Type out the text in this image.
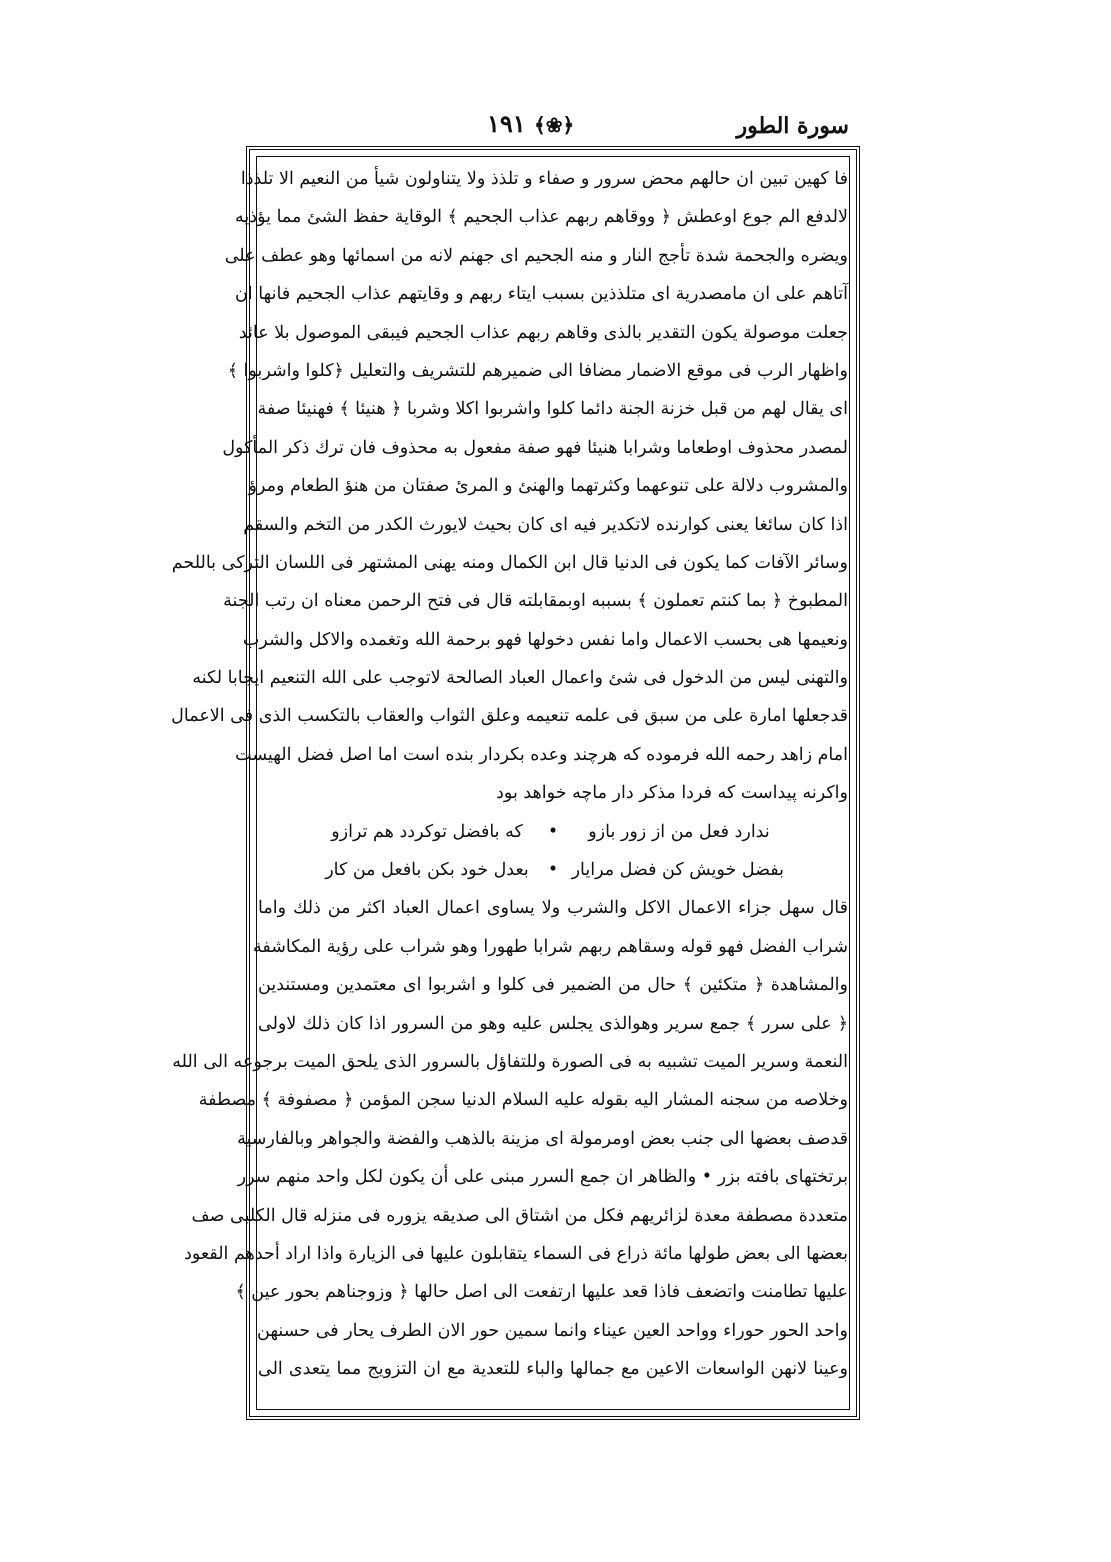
سورة الطور
﴿❀﴾ ١٩١
فا كهين تبين ان حالهم محض سرور و صفاء و تلذذ ولا يتناولون شيأ من النعيم الا تلذذا
لالدفع الم جوع اوعطش ﴿ ووقاهم ربهم عذاب الجحيم ﴾ الوقاية حفظ الشئ مما يؤذيه
ويضره والجحمة شدة تأجج النار و منه الجحيم اى جهنم لانه من اسمائها وهو عطف على
آتاهم على ان مامصدرية اى متلذذين بسبب ايتاء ربهم و وقايتهم عذاب الجحيم فانها ان
جعلت موصولة يكون التقدير بالذى وقاهم ربهم عذاب الجحيم فيبقى الموصول بلا عائد
واظهار الرب فى موقع الاضمار مضافا الى ضميرهم للتشريف والتعليل ﴿كلوا واشربوا ﴾
اى يقال لهم من قبل خزنة الجنة دائما كلوا واشربوا اكلا وشربا ﴿ هنيئا ﴾ فهنيئا صفة
لمصدر محذوف اوطعاما وشرابا هنيئا فهو صفة مفعول به محذوف فان ترك ذكر المأكول
والمشروب دلالة على تنوعهما وكثرتهما والهنئ و المرئ صفتان من هنؤ الطعام ومرؤ
اذا كان سائغا يعنى كوارنده لاتكدير فيه اى كان بحيث لايورث الكدر من التخم والسقم
وسائر الآفات كما يكون فى الدنيا قال ابن الكمال ومنه يهنى المشتهر فى اللسان التركى باللحم
المطبوخ ﴿ بما كنتم تعملون ﴾ بسببه اوبمقابلته قال فى فتح الرحمن معناه ان رتب الجنة
ونعيمها هى بحسب الاعمال واما نفس دخولها فهو برحمة الله وتغمده والاكل والشرب
والتهنى ليس من الدخول فى شئ واعمال العباد الصالحة لاتوجب على الله التنعيم ايجابا لكنه
قدجعلها امارة على من سبق فى علمه تنعيمه وعلق الثواب والعقاب بالتكسب الذى فى الاعمال
امام زاهد رحمه الله فرموده كه هرچند وعده بكردار بنده است اما اصل فضل الهيست
واكرنه پيداست كه فردا مذكر دار ماچه خواهد بود
ندارد فعل من از زور بازو
•
كه بافضل توكردد هم ترازو
بفضل خويش كن فضل مرايار
•
بعدل خود بكن بافعل من كار
قال سهل جزاء الاعمال الاكل والشرب ولا يساوى اعمال العباد اكثر من ذلك واما
شراب الفضل فهو قوله وسقاهم ربهم شرابا طهورا وهو شراب على رؤية المكاشفة
والمشاهدة ﴿ متكئين ﴾ حال من الضمير فى كلوا و اشربوا اى معتمدين ومستندين
﴿ على سرر ﴾ جمع سرير وهوالذى يجلس عليه وهو من السرور اذا كان ذلك لاولى
النعمة وسرير الميت تشبيه به فى الصورة وللتفاؤل بالسرور الذى يلحق الميت برجوعه الى الله
وخلاصه من سجنه المشار اليه بقوله عليه السلام الدنيا سجن المؤمن ﴿ مصفوفة ﴾ مصطفة
قدصف بعضها الى جنب بعض اومرمولة اى مزينة بالذهب والفضة والجواهر وبالفارسية
برتختهاى بافته بزر • والظاهر ان جمع السرر مبنى على أن يكون لكل واحد منهم سرر
متعددة مصطفة معدة لزائريهم فكل من اشتاق الى صديقه يزوره فى منزله قال الكلبى صف
بعضها الى بعض طولها مائة ذراع فى السماء يتقابلون عليها فى الزيارة واذا اراد أحدهم القعود
عليها تطامنت واتضعف فاذا قعد عليها ارتفعت الى اصل حالها ﴿ وزوجناهم بحور عين ﴾
واحد الحور حوراء وواحد العين عيناء وانما سمين حور الان الطرف يحار فى حسنهن
وعينا لانهن الواسعات الاعين مع جمالها والباء للتعدية مع ان التزويج مما يتعدى الى
